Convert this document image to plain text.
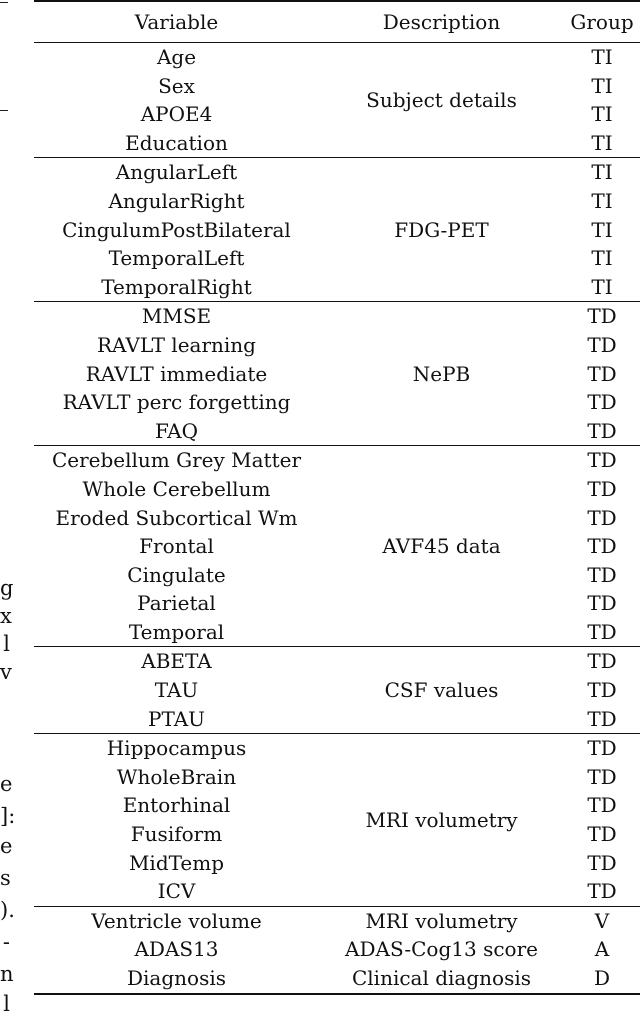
g
x
l
v
e
]:
e
s
).
-
n
l
Variable	Description	Group
Age	Subject details	TI
Sex		TI
APOE4		TI
Education		TI
AngularLeft	FDG-PET	TI
AngularRight		TI
CingulumPostBilateral		TI
TemporalLeft		TI
TemporalRight		TI
MMSE	NePB	TD
RAVLT learning		TD
RAVLT immediate		TD
RAVLT perc forgetting		TD
FAQ		TD
Cerebellum Grey Matter	AVF45 data	TD
Whole Cerebellum		TD
Eroded Subcortical Wm		TD
Frontal		TD
Cingulate		TD
Parietal		TD
Temporal		TD
ABETA	CSF values	TD
TAU		TD
PTAU		TD
Hippocampus	MRI volumetry	TD
WholeBrain		TD
Entorhinal		TD
Fusiform		TD
MidTemp		TD
ICV		TD
Ventricle volume	MRI volumetry	V
ADAS13	ADAS-Cog13 score	A
Diagnosis	Clinical diagnosis	D
